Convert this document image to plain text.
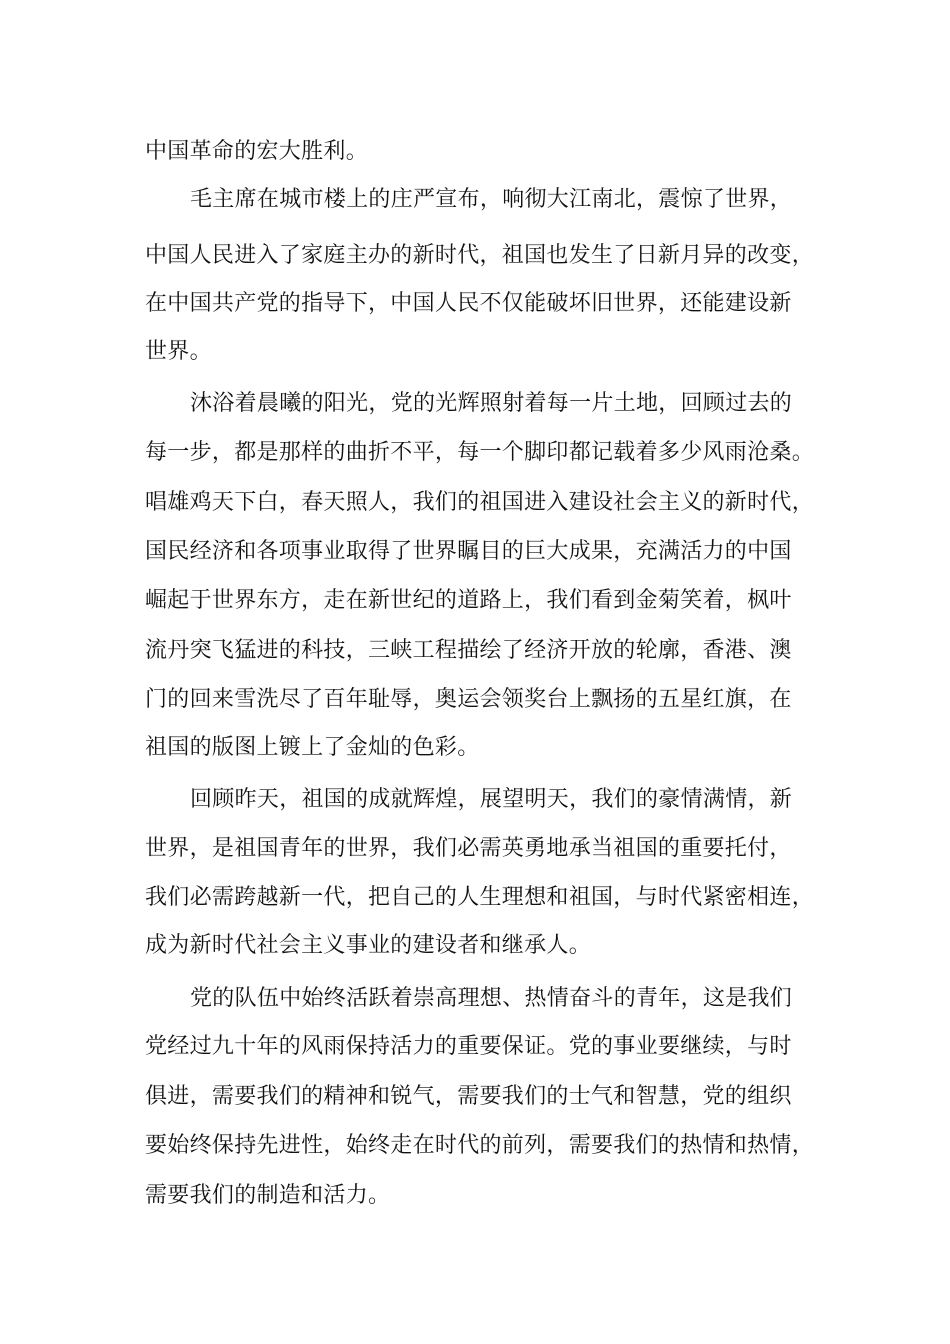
中国革命的宏大胜利。
毛主席在城市楼上的庄严宣布，响彻大江南北，震惊了世界，
中国人民进入了家庭主办的新时代，祖国也发生了日新月异的改变，
在中国共产党的指导下，中国人民不仅能破坏旧世界，还能建设新
世界。
沐浴着晨曦的阳光，党的光辉照射着每一片土地，回顾过去的
每一步，都是那样的曲折不平，每一个脚印都记载着多少风雨沧桑。
唱雄鸡天下白，春天照人，我们的祖国进入建设社会主义的新时代，
国民经济和各项事业取得了世界瞩目的巨大成果，充满活力的中国
崛起于世界东方，走在新世纪的道路上，我们看到金菊笑着，枫叶
流丹突飞猛进的科技，三峡工程描绘了经济开放的轮廓，香港、澳
门的回来雪洗尽了百年耻辱，奥运会领奖台上飘扬的五星红旗，在
祖国的版图上镀上了金灿的色彩。
回顾昨天，祖国的成就辉煌，展望明天，我们的豪情满情，新
世界，是祖国青年的世界，我们必需英勇地承当祖国的重要托付，
我们必需跨越新一代，把自己的人生理想和祖国，与时代紧密相连，
成为新时代社会主义事业的建设者和继承人。
党的队伍中始终活跃着崇高理想、热情奋斗的青年，这是我们
党经过九十年的风雨保持活力的重要保证。党的事业要继续，与时
俱进，需要我们的精神和锐气，需要我们的士气和智慧，党的组织
要始终保持先进性，始终走在时代的前列，需要我们的热情和热情，
需要我们的制造和活力。
